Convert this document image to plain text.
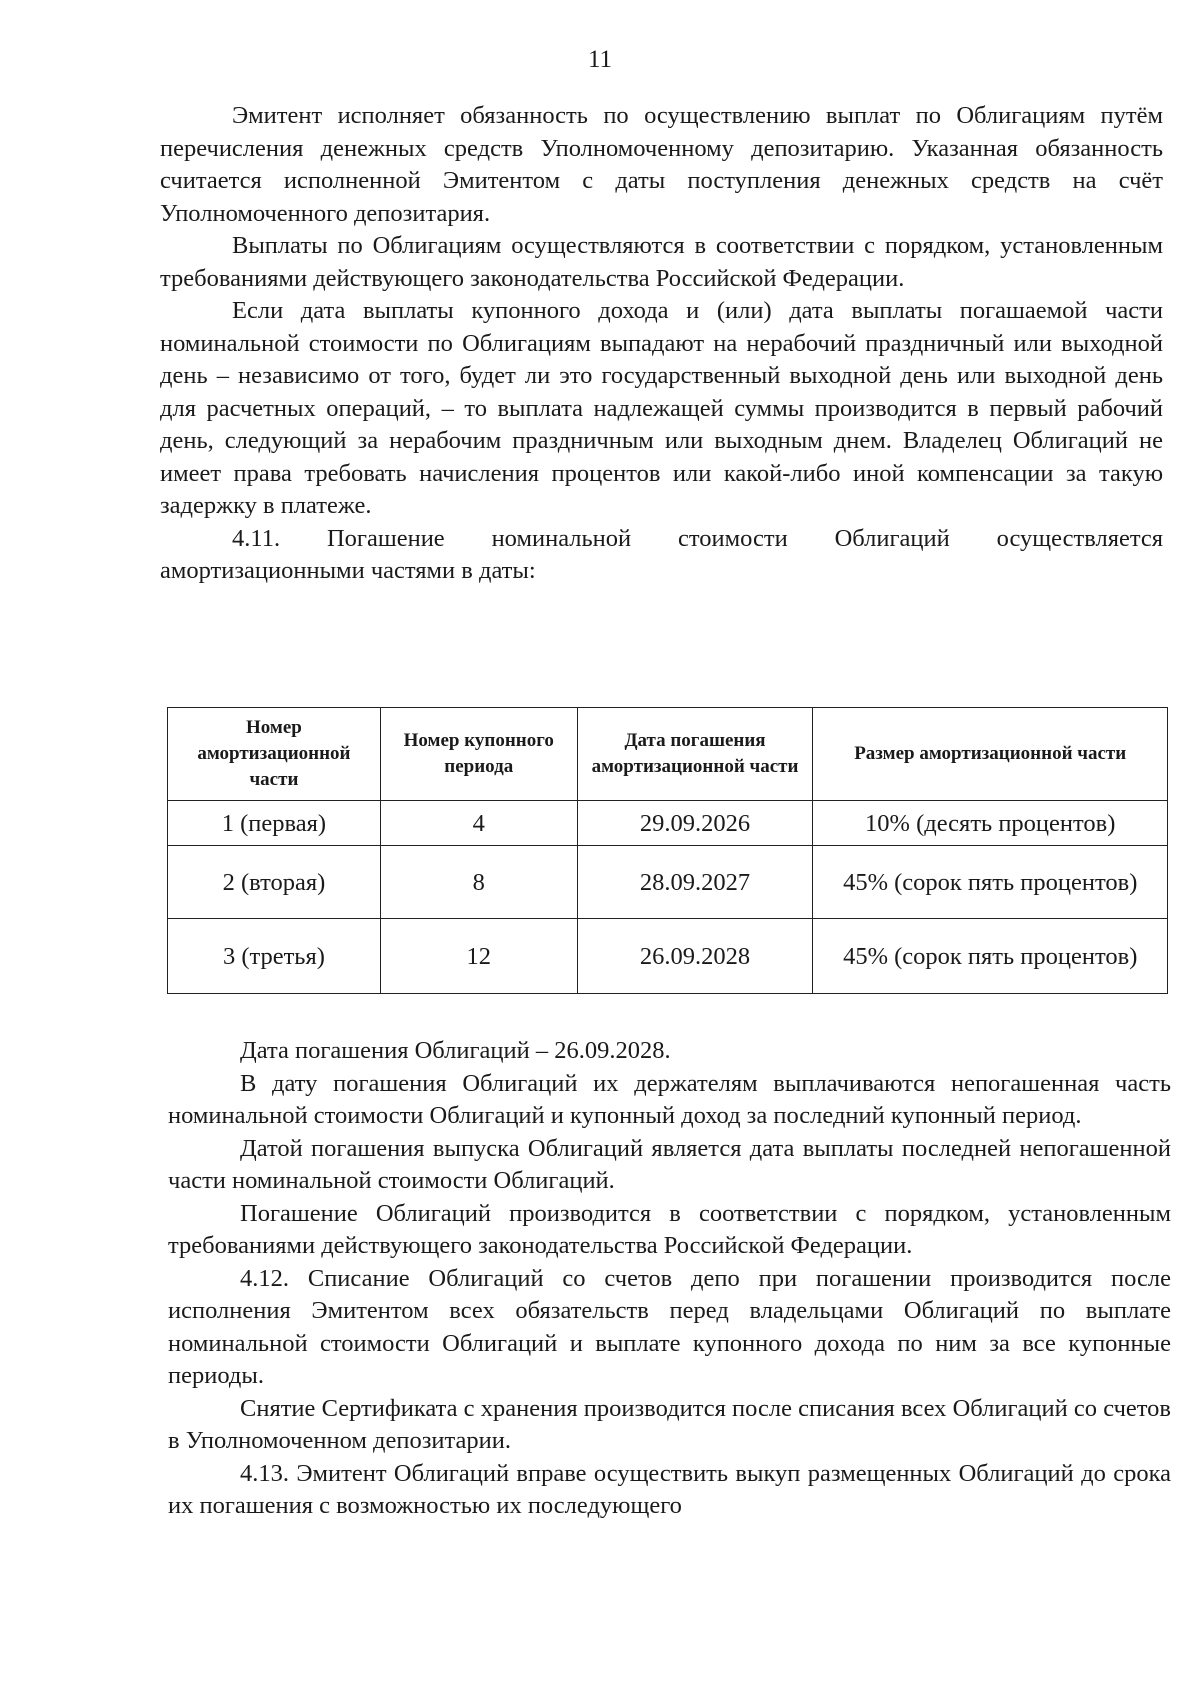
11

Эмитент исполняет обязанность по осуществлению выплат по Облигациям путём перечисления денежных средств Уполномоченному депозитарию. Указанная обязанность считается исполненной Эмитентом с даты поступления денежных средств на счёт Уполномоченного депозитария.

Выплаты по Облигациям осуществляются в соответствии с порядком, установленным требованиями действующего законодательства Российской Федерации.

Если дата выплаты купонного дохода и (или) дата выплаты погашаемой части номинальной стоимости по Облигациям выпадают на нерабочий праздничный или выходной день – независимо от того, будет ли это государственный выходной день или выходной день для расчетных операций, – то выплата надлежащей суммы производится в первый рабочий день, следующий за нерабочим праздничным или выходным днем. Владелец Облигаций не имеет права требовать начисления процентов или какой-либо иной компенсации за такую задержку в платеже.

4.11. Погашение номинальной стоимости Облигаций осуществляется амортизационными частями в даты:

Номер амортизационной части	Номер купонного периода	Дата погашения амортизационной части	Размер амортизационной части
1 (первая)	4	29.09.2026	10% (десять процентов)
2 (вторая)	8	28.09.2027	45% (сорок пять процентов)
3 (третья)	12	26.09.2028	45% (сорок пять процентов)

Дата погашения Облигаций – 26.09.2028.

В дату погашения Облигаций их держателям выплачиваются непогашенная часть номинальной стоимости Облигаций и купонный доход за последний купонный период.

Датой погашения выпуска Облигаций является дата выплаты последней непогашенной части номинальной стоимости Облигаций.

Погашение Облигаций производится в соответствии с порядком, установленным требованиями действующего законодательства Российской Федерации.

4.12. Списание Облигаций со счетов депо при погашении производится после исполнения Эмитентом всех обязательств перед владельцами Облигаций по выплате номинальной стоимости Облигаций и выплате купонного дохода по ним за все купонные периоды.

Снятие Сертификата с хранения производится после списания всех Облигаций со счетов в Уполномоченном депозитарии.

4.13. Эмитент Облигаций вправе осуществить выкуп размещенных Облигаций до срока их погашения с возможностью их последующего
